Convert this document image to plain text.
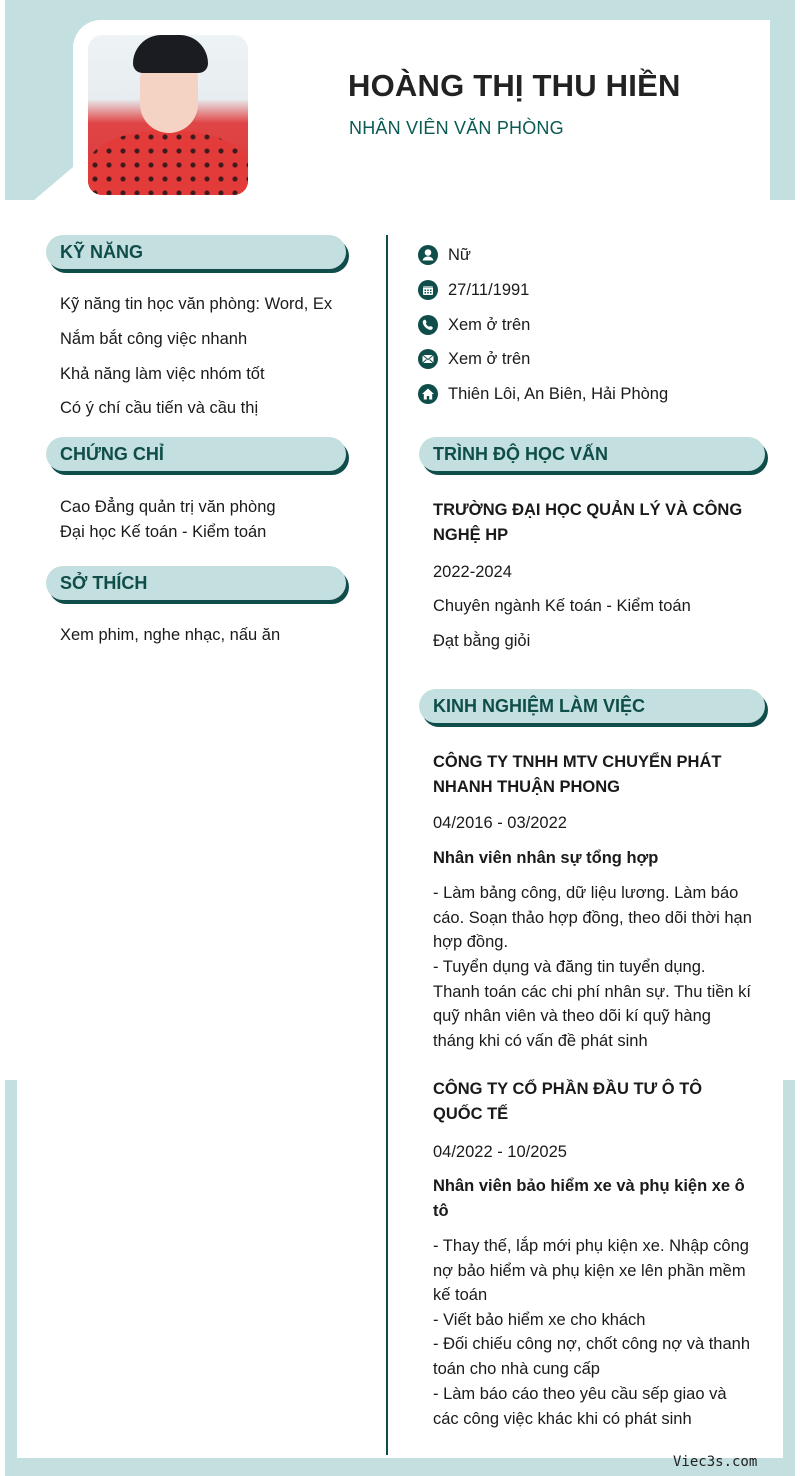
HOÀNG THỊ THU HIỀN
NHÂN VIÊN VĂN PHÒNG
KỸ NĂNG
Kỹ năng tin học văn phòng: Word, Ex
Nắm bắt công việc nhanh
Khả năng làm việc nhóm tốt
Có ý chí cầu tiến và cầu thị
CHỨNG CHỈ
Cao Đẳng quản trị văn phòng
Đại học Kế toán - Kiểm toán
SỞ THÍCH
Xem phim, nghe nhạc, nấu ăn
Nữ
27/11/1991
Xem ở trên
Xem ở trên
Thiên Lôi, An Biên, Hải Phòng
TRÌNH ĐỘ HỌC VẤN
TRƯỜNG ĐẠI HỌC QUẢN LÝ VÀ CÔNG NGHỆ HP
2022-2024
Chuyên ngành Kế toán - Kiểm toán
Đạt bằng giỏi
KINH NGHIỆM LÀM VIỆC
CÔNG TY TNHH MTV CHUYỂN PHÁT NHANH THUẬN PHONG
04/2016 - 03/2022
Nhân viên nhân sự tổng hợp
- Làm bảng công, dữ liệu lương. Làm báo cáo. Soạn thảo hợp đồng, theo dõi thời hạn hợp đồng.
- Tuyển dụng và đăng tin tuyển dụng. Thanh toán các chi phí nhân sự. Thu tiền kí quỹ nhân viên và theo dõi kí quỹ hàng tháng khi có vấn đề phát sinh
CÔNG TY CỔ PHẦN ĐẦU TƯ Ô TÔ QUỐC TẾ
04/2022 - 10/2025
Nhân viên bảo hiểm xe và phụ kiện xe ô tô
- Thay thế, lắp mới phụ kiện xe. Nhập công nợ bảo hiểm và phụ kiện xe lên phần mềm kế toán
- Viết bảo hiểm xe cho khách
- Đối chiếu công nợ, chốt công nợ và thanh toán cho nhà cung cấp
- Làm báo cáo theo yêu cầu sếp giao và các công việc khác khi có phát sinh
Viec3s.com
